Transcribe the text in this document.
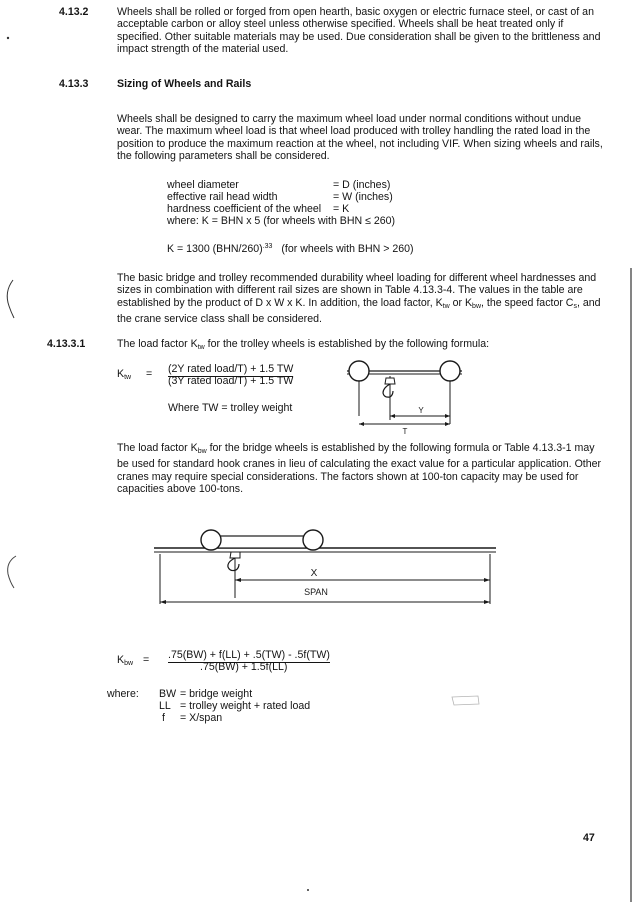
4.13.2	Wheels shall be rolled or forged from open hearth, basic oxygen or electric furnace steel, or cast of an
acceptable carbon or alloy steel unless otherwise specified. Wheels shall be heat treated only if
specified. Other suitable materials may be used. Due consideration shall be given to the brittleness and
impact strength of the material used.
4.13.3	Sizing of Wheels and Rails
Wheels shall be designed to carry the maximum wheel load under normal conditions without undue
wear. The maximum wheel load is that wheel load produced with trolley handling the rated load in the
position to produce the maximum reaction at the wheel, not including VIF. When sizing wheels and rails,
the following parameters shall be considered.
wheel diameter	= D (inches)
effective rail head width	= W (inches)
hardness coefficient of the wheel = K
where: K = BHN x 5 (for wheels with BHN ≤ 260)
K = 1300 $(BHN/260)^{.33}$ (for wheels with BHN > 260)
The basic bridge and trolley recommended durability wheel loading for different wheel hardnesses and
sizes in combination with different rail sizes are shown in Table 4.13.3-4. The values in the table are
established by the product of D x W x K. In addition, the load factor, $K_{tw}$ or $K_{bw}$, the speed factor $C_s$, and
the crane service class shall be considered.
4.13.3.1	The load factor $K_{tw}$ for the trolley wheels is established by the following formula:
$K_{tw} = (2Y$ rated load/T) + 1.5 TW
(3Y rated load/T) + 1.5 TW
Where TW = trolley weight	Y
T
The load factor $K_{bw}$ for the bridge wheels is established by the following formula or Table 4.13.3-1 may
be used for standard hook cranes in lieu of calculating the exact value for a particular application. Other
cranes may require special considerations. The factors shown at 100-ton capacity may be used for
capacities above 100-tons.
X
SPAN
$K_{bw} = .75(BW) + f(LL) + .5(TW) - .5f(TW)$
.75(BW) + 1.5f(LL)
where: BW = bridge weight
LL = trolley weight + rated load
f = X/span
47
